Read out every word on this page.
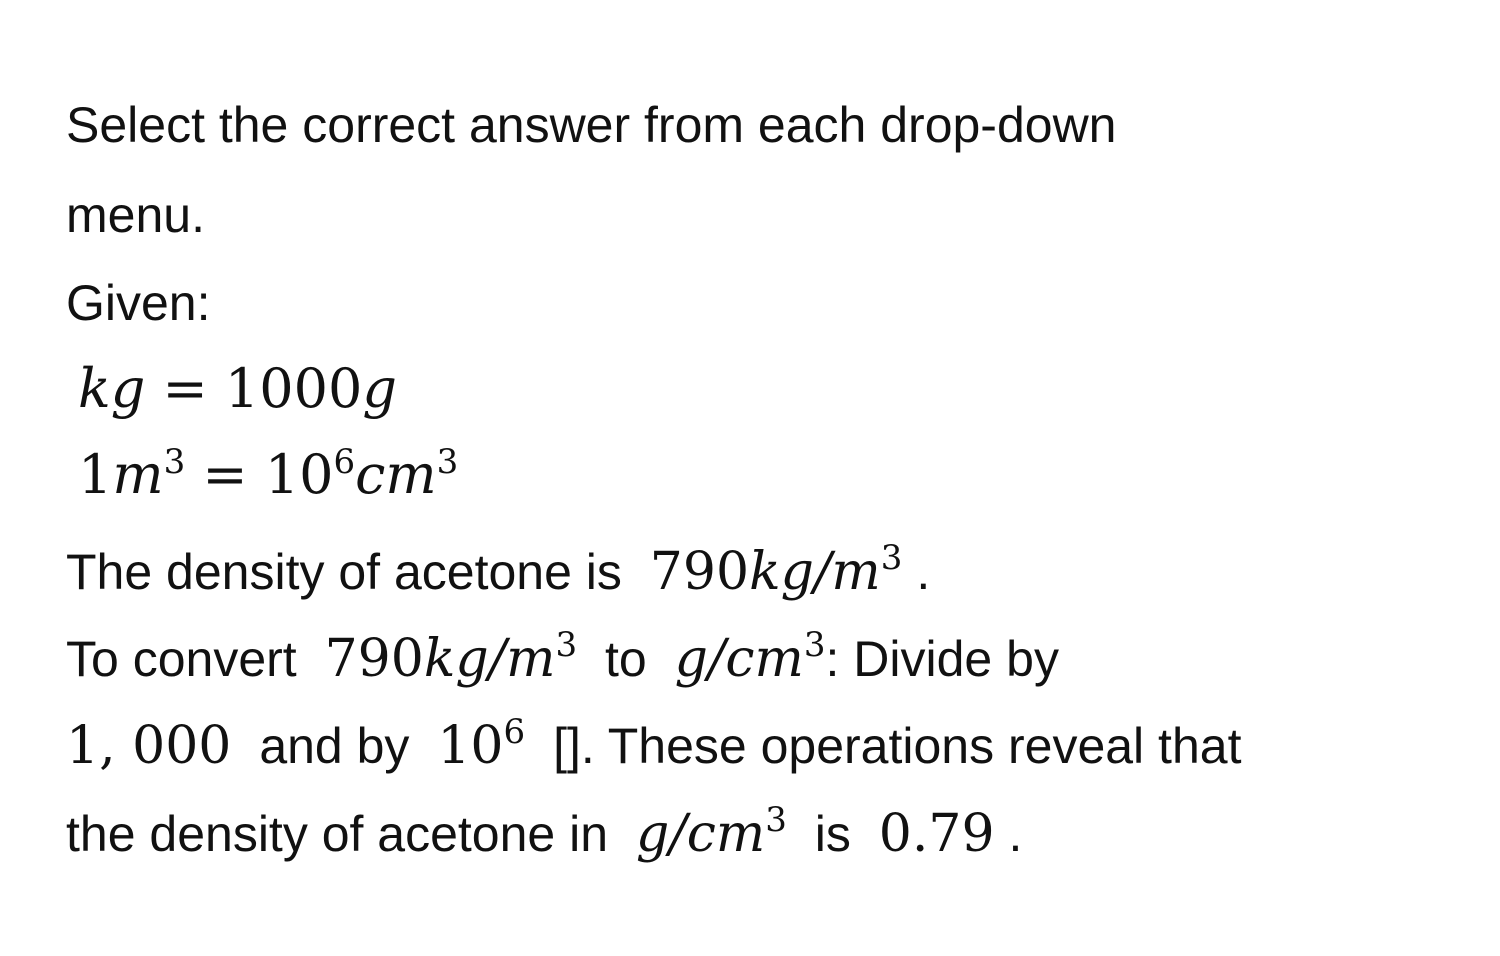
Select the correct answer from each drop-down
menu.
Given:
kg = 1000g
$1m^3 = 10^6cm^3$
The density of acetone is $790kg/m^3$ .
To convert $790kg/m^3$ to $g/cm^3$: Divide by
1, 000 and by $10^6$ []. These operations reveal that
the density of acetone in $g/cm^3$ is 0.79 .
